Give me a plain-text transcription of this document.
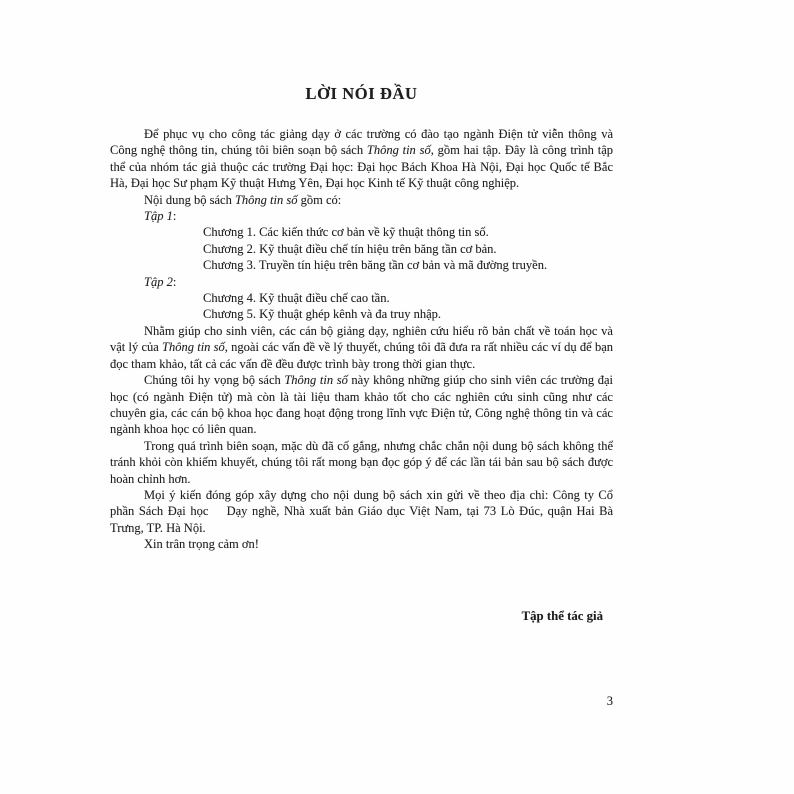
LỜI NÓI ĐẦU

Để phục vụ cho công tác giảng dạy ở các trường có đào tạo ngành Điện tử viễn thông và Công nghệ thông tin, chúng tôi biên soạn bộ sách Thông tin số, gồm hai tập. Đây là công trình tập thể của nhóm tác giả thuộc các trường Đại học: Đại học Bách Khoa Hà Nội, Đại học Quốc tế Bắc Hà, Đại học Sư phạm Kỹ thuật Hưng Yên, Đại học Kinh tế Kỹ thuật công nghiệp.

Nội dung bộ sách Thông tin số gồm có:

Tập 1:

Chương 1. Các kiến thức cơ bản về kỹ thuật thông tin số.

Chương 2. Kỹ thuật điều chế tín hiệu trên băng tần cơ bản.

Chương 3. Truyền tín hiệu trên băng tần cơ bản và mã đường truyền.

Tập 2:

Chương 4. Kỹ thuật điều chế cao tần.

Chương 5. Kỹ thuật ghép kênh và đa truy nhập.

Nhằm giúp cho sinh viên, các cán bộ giảng dạy, nghiên cứu hiểu rõ bản chất về toán học và vật lý của Thông tin số, ngoài các vấn đề về lý thuyết, chúng tôi đã đưa ra rất nhiều các ví dụ để bạn đọc tham khảo, tất cả các vấn đề đều được trình bày trong thời gian thực.

Chúng tôi hy vọng bộ sách Thông tin số này không những giúp cho sinh viên các trường đại học (có ngành Điện tử) mà còn là tài liệu tham khảo tốt cho các nghiên cứu sinh cũng như các chuyên gia, các cán bộ khoa học đang hoạt động trong lĩnh vực Điện tử, Công nghệ thông tin và các ngành khoa học có liên quan.

Trong quá trình biên soạn, mặc dù đã cố gắng, nhưng chắc chắn nội dung bộ sách không thể tránh khỏi còn khiếm khuyết, chúng tôi rất mong bạn đọc góp ý để các lần tái bản sau bộ sách được hoàn chỉnh hơn.

Mọi ý kiến đóng góp xây dựng cho nội dung bộ sách xin gửi về theo địa chỉ: Công ty Cổ phần Sách Đại học    Dạy nghề, Nhà xuất bản Giáo dục Việt Nam, tại 73 Lò Đúc, quận Hai Bà Trưng, TP. Hà Nội.

Xin trân trọng cảm ơn!

Tập thể tác giả
3
